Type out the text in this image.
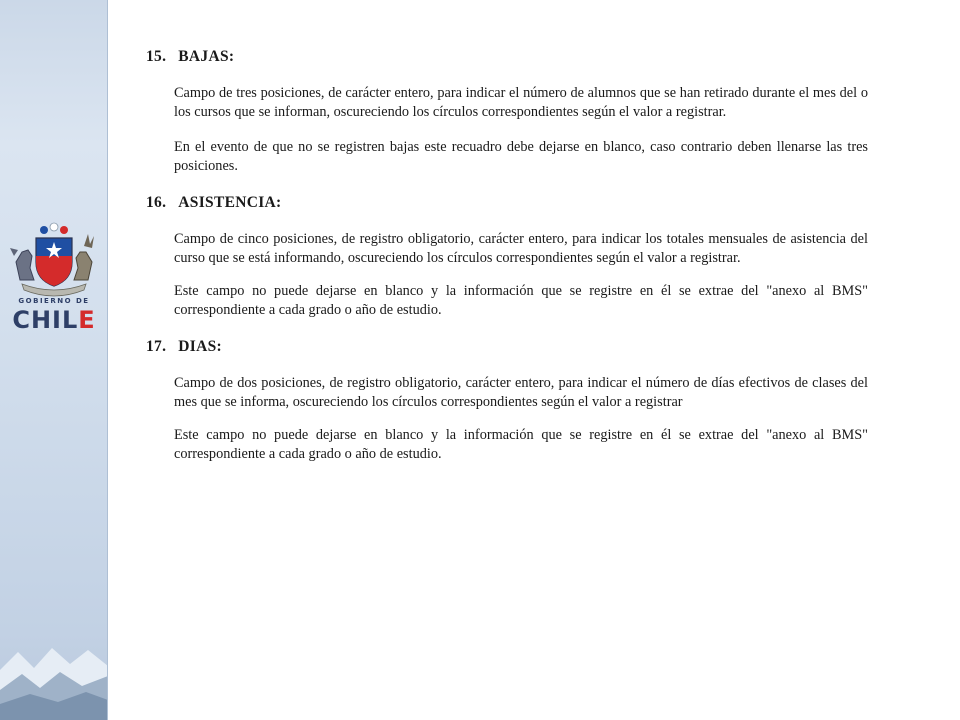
GOBIERNO DE
CHILE
15. BAJAS:

Campo de tres posiciones, de carácter entero, para indicar el número de alumnos que se han retirado durante el mes del o los cursos que se informan, oscureciendo los círculos correspondientes según el valor a registrar.

En el evento de que no se registren bajas este recuadro debe dejarse en blanco, caso contrario deben llenarse las tres posiciones.

16. ASISTENCIA:

Campo de cinco posiciones, de registro obligatorio, carácter entero, para indicar los totales mensuales de asistencia del curso que se está informando, oscureciendo los círculos correspondientes según el valor a registrar.

Este campo no puede dejarse en blanco y la información que se registre en él se extrae del "anexo al BMS" correspondiente a cada grado o año de estudio.

17. DIAS:

Campo de dos posiciones, de registro obligatorio, carácter entero, para indicar el número de días efectivos de clases del mes que se informa, oscureciendo los círculos correspondientes según el valor a registrar

Este campo no puede dejarse en blanco y la información que se registre en él se extrae del "anexo al BMS" correspondiente a cada grado o año de estudio.
